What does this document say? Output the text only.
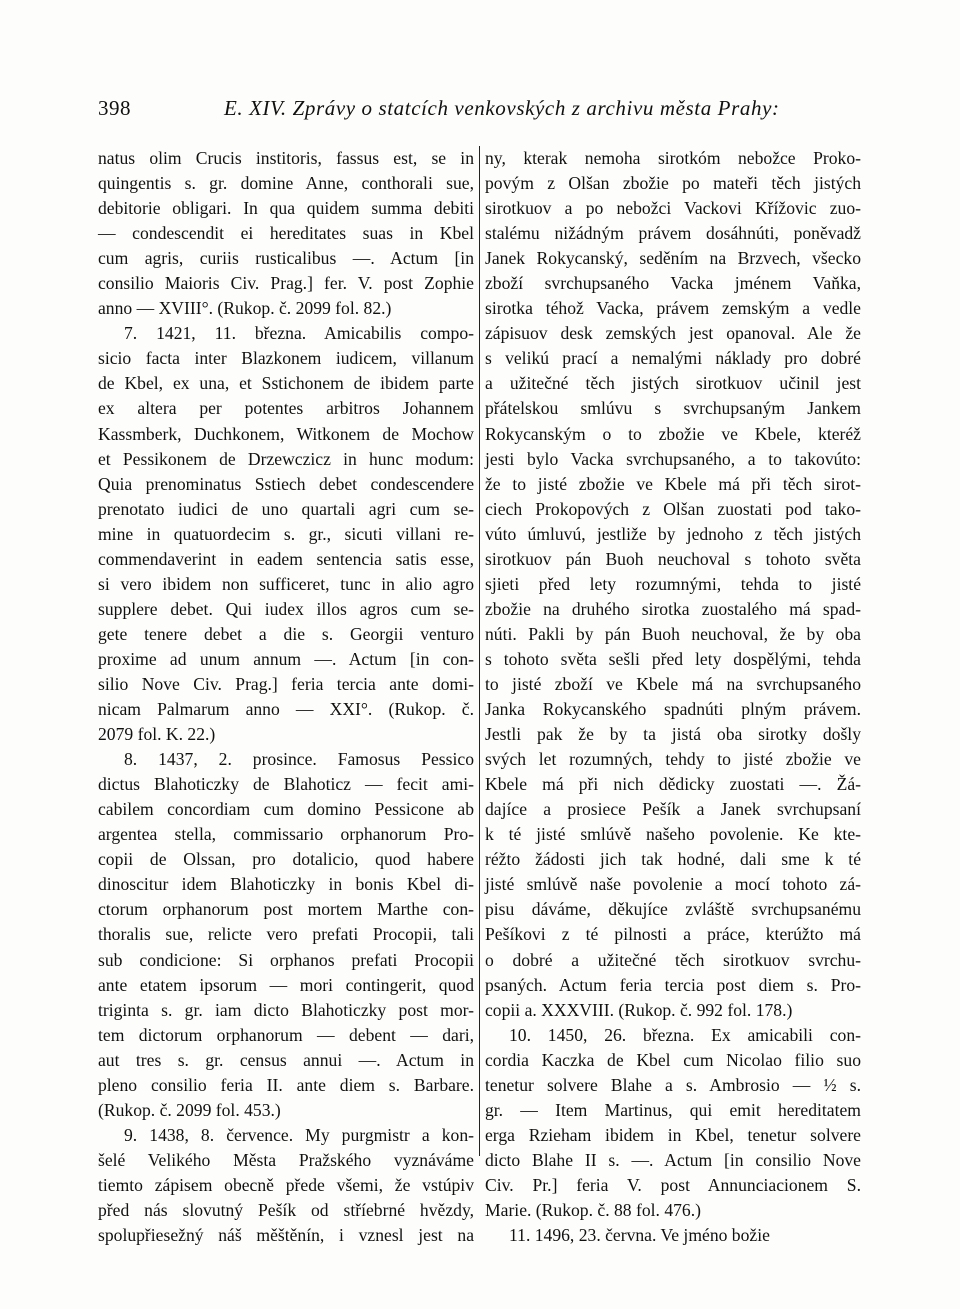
398	E. XIV. Zprávy o statcích venkovských z archivu města Prahy:
natus olim Crucis institoris, fassus est, se in
quingentis s. gr. domine Anne, conthorali sue,
debitorie obligari. In qua quidem summa debiti
— condescendit ei hereditates suas in Kbel
cum agris, curiis rusticalibus —. Actum [in
consilio Maioris Civ. Prag.] fer. V. post Zophie
anno — XVIII°. (Rukop. č. 2099 fol. 82.)
7. 1421, 11. března. Amicabilis compo-
sicio facta inter Blazkonem iudicem, villanum
de Kbel, ex una, et Sstichonem de ibidem parte
ex altera per potentes arbitros Johannem
Kassmberk, Duchkonem, Witkonem de Mochow
et Pessikonem de Drzewczicz in hunc modum:
Quia prenominatus Sstiech debet condescendere
prenotato iudici de uno quartali agri cum se-
mine in quatuordecim s. gr., sicuti villani re-
commendaverint in eadem sentencia satis esse,
si vero ibidem non sufficeret, tunc in alio agro
supplere debet. Qui iudex illos agros cum se-
gete tenere debet a die s. Georgii venturo
proxime ad unum annum —. Actum [in con-
silio Nove Civ. Prag.] feria tercia ante domi-
nicam Palmarum anno — XXI°. (Rukop. č.
2079 fol. K. 22.)
8. 1437, 2. prosince. Famosus Pessico
dictus Blahoticzky de Blahoticz — fecit ami-
cabilem concordiam cum domino Pessicone ab
argentea stella, commissario orphanorum Pro-
copii de Olssan, pro dotalicio, quod habere
dinoscitur idem Blahoticzky in bonis Kbel di-
ctorum orphanorum post mortem Marthe con-
thoralis sue, relicte vero prefati Procopii, tali
sub condicione: Si orphanos prefati Procopii
ante etatem ipsorum — mori contingerit, quod
triginta s. gr. iam dicto Blahoticzky post mor-
tem dictorum orphanorum — debent — dari,
aut tres s. gr. census annui —. Actum in
pleno consilio feria II. ante diem s. Barbare.
(Rukop. č. 2099 fol. 453.)
9. 1438, 8. července. My purgmistr a kon-
šelé Velikého Města Pražského vyznáváme
tiemto zápisem obecně přede všemi, že vstúpiv
před nás slovutný Pešík od stříebrné hvězdy,
spolupřiesežný náš měštěnín, i vznesl jest na
ny, kterak nemoha sirotkóm nebožce Proko-
povým z Olšan zbožie po mateři těch jistých
sirotkuov a po nebožci Vackovi Křížovic zuo-
stalému nižádným právem dosáhnúti, poněvadž
Janek Rokycanský, seděním na Brzvech, všecko
zboží svrchupsaného Vacka jménem Vaňka,
sirotka téhož Vacka, právem zemským a vedle
zápisuov desk zemských jest opanoval. Ale že
s velikú prací a nemalými náklady pro dobré
a užitečné těch jistých sirotkuov učinil jest
přátelskou smlúvu s svrchupsaným Jankem
Rokycanským o to zbožie ve Kbele, kteréž
jesti bylo Vacka svrchupsaného, a to takovúto:
že to jisté zbožie ve Kbele má při těch sirot-
ciech Prokopových z Olšan zuostati pod tako-
vúto úmluvú, jestliže by jednoho z těch jistých
sirotkuov pán Buoh neuchoval s tohoto světa
sjieti před lety rozumnými, tehda to jisté
zbožie na druhého sirotka zuostalého má spad-
núti. Pakli by pán Buoh neuchoval, že by oba
s tohoto světa sešli před lety dospělými, tehda
to jisté zboží ve Kbele má na svrchupsaného
Janka Rokycanského spadnúti plným právem.
Jestli pak že by ta jistá oba sirotky došly
svých let rozumných, tehdy to jisté zbožie ve
Kbele má při nich dědicky zuostati —. Žá-
dajíce a prosiece Pešík a Janek svrchupsaní
k té jisté smlúvě našeho povolenie. Ke kte-
réžto žádosti jich tak hodné, dali sme k té
jisté smlúvě naše povolenie a mocí tohoto zá-
pisu dáváme, děkujíce zvláště svrchupsanému
Pešíkovi z té pilnosti a práce, kterúžto má
o dobré a užitečné těch sirotkuov svrchu-
psaných. Actum feria tercia post diem s. Pro-
copii a. XXXVIII. (Rukop. č. 992 fol. 178.)
10. 1450, 26. března. Ex amicabili con-
cordia Kaczka de Kbel cum Nicolao filio suo
tenetur solvere Blahe a s. Ambrosio — ½ s.
gr. — Item Martinus, qui emit hereditatem
erga Rzieham ibidem in Kbel, tenetur solvere
dicto Blahe II s. —. Actum [in consilio Nove
Civ. Pr.] feria V. post Annunciacionem S.
Marie. (Rukop. č. 88 fol. 476.)
11. 1496, 23. června. Ve jméno božie
